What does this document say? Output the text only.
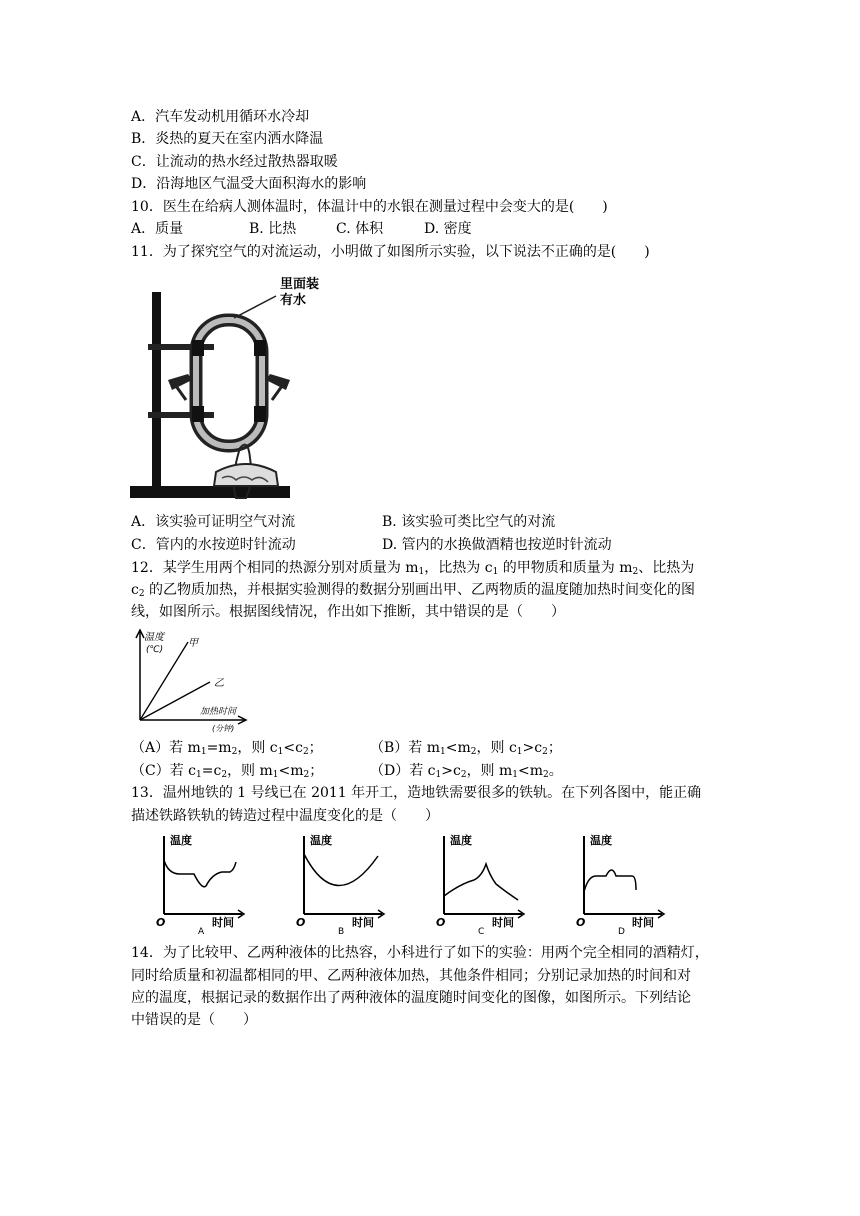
A．汽车发动机用循环水冷却
B．炎热的夏天在室内洒水降温
C．让流动的热水经过散热器取暖
D．沿海地区气温受大面积海水的影响
10．医生在给病人测体温时，体温计中的水银在测量过程中会变大的是(　　)
A．质量	B. 比热	C. 体积	D. 密度
11．为了探究空气的对流运动，小明做了如图所示实验，以下说法不正确的是(　　)
里面装
有水
A．该实验可证明空气对流	B. 该实验可类比空气的对流
C．管内的水按逆时针流动	D. 管内的水换做酒精也按逆时针流动
12．某学生用两个相同的热源分别对质量为 $m_1$，比热为 $c_1$ 的甲物质和质量为 $m_2$、比热为
$c_2$ 的乙物质加热，并根据实验测得的数据分别画出甲、乙两物质的温度随加热时间变化的图
线，如图所示。根据图线情况，作出如下推断，其中错误的是（　　）
温度
(℃)
甲
乙
加热时间
(分钟)
（A）若 $m_1=m_2$，则 $c_1<c_2$；	（B）若 $m_1<m_2$，则 $c_1>c_2$；
（C）若 $c_1=c_2$，则 $m_1<m_2$；	（D）若 $c_1>c_2$，则 $m_1<m_2$。
13．温州地铁的 1 号线已在 2011 年开工，造地铁需要很多的铁轨。在下列各图中，能正确
描述铁路铁轨的铸造过程中温度变化的是（　　）
温度
O	时间
A
温度
O	时间
B
温度
O	时间
C
温度
O	时间
D
14．为了比较甲、乙两种液体的比热容，小科进行了如下的实验：用两个完全相同的酒精灯，
同时给质量和初温都相同的甲、乙两种液体加热，其他条件相同；分别记录加热的时间和对
应的温度，根据记录的数据作出了两种液体的温度随时间变化的图像，如图所示。下列结论
中错误的是（　　）
